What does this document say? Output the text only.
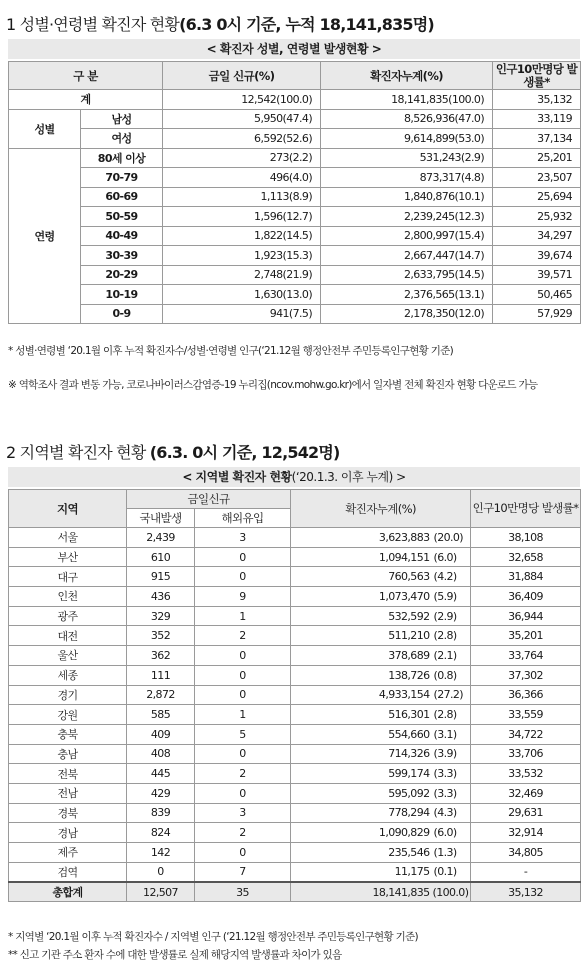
1 성별·연령별 확진자 현황(6.3 0시 기준, 누적 18,141,835명)
< 확진자 성별, 연령별 발생현황 >
구 분		금일 신규(%)	확진자누계(%)	인구10만명당 발생률*
계		12,542(100.0)	18,141,835(100.0)	35,132
성별	남성	5,950(47.4)	8,526,936(47.0)	33,119
	여성	6,592(52.6)	9,614,899(53.0)	37,134
연령	80세 이상	273(2.2)	531,243(2.9)	25,201
	70-79	496(4.0)	873,317(4.8)	23,507
	60-69	1,113(8.9)	1,840,876(10.1)	25,694
	50-59	1,596(12.7)	2,239,245(12.3)	25,932
	40-49	1,822(14.5)	2,800,997(15.4)	34,297
	30-39	1,923(15.3)	2,667,447(14.7)	39,674
	20-29	2,748(21.9)	2,633,795(14.5)	39,571
	10-19	1,630(13.0)	2,376,565(13.1)	50,465
	0-9	941(7.5)	2,178,350(12.0)	57,929
* 성별·연령별 ‘20.1월 이후 누적 확진자수/성별·연령별 인구(‘21.12월 행정안전부 주민등록인구현황 기준)
※ 역학조사 결과 변동 가능, 코로나바이러스감염증-19 누리집(ncov.mohw.go.kr)에서 일자별 전체 확진자 현황 다운로드 가능
2 지역별 확진자 현황 (6.3. 0시 기준, 12,542명)
< 지역별 확진자 현황(‘20.1.3. 이후 누계) >
지역	금일신규		확진자누계(%)		인구10만명당 발생률*
	국내발생	해외유입			
서울	2,439	3	3,623,883	(20.0)	38,108
부산	610	0	1,094,151	(6.0)	32,658
대구	915	0	760,563	(4.2)	31,884
인천	436	9	1,073,470	(5.9)	36,409
광주	329	1	532,592	(2.9)	36,944
대전	352	2	511,210	(2.8)	35,201
울산	362	0	378,689	(2.1)	33,764
세종	111	0	138,726	(0.8)	37,302
경기	2,872	0	4,933,154	(27.2)	36,366
강원	585	1	516,301	(2.8)	33,559
충북	409	5	554,660	(3.1)	34,722
충남	408	0	714,326	(3.9)	33,706
전북	445	2	599,174	(3.3)	33,532
전남	429	0	595,092	(3.3)	32,469
경북	839	3	778,294	(4.3)	29,631
경남	824	2	1,090,829	(6.0)	32,914
제주	142	0	235,546	(1.3)	34,805
검역	0	7	11,175	(0.1)	-
총합계	12,507	35	18,141,835	(100.0)	35,132
* 지역별 ‘20.1월 이후 누적 확진자수 / 지역별 인구 (‘21.12월 행정안전부 주민등록인구현황 기준)
** 신고 기관 주소 환자 수에 대한 발생률로 실제 해당지역 발생률과 차이가 있음
